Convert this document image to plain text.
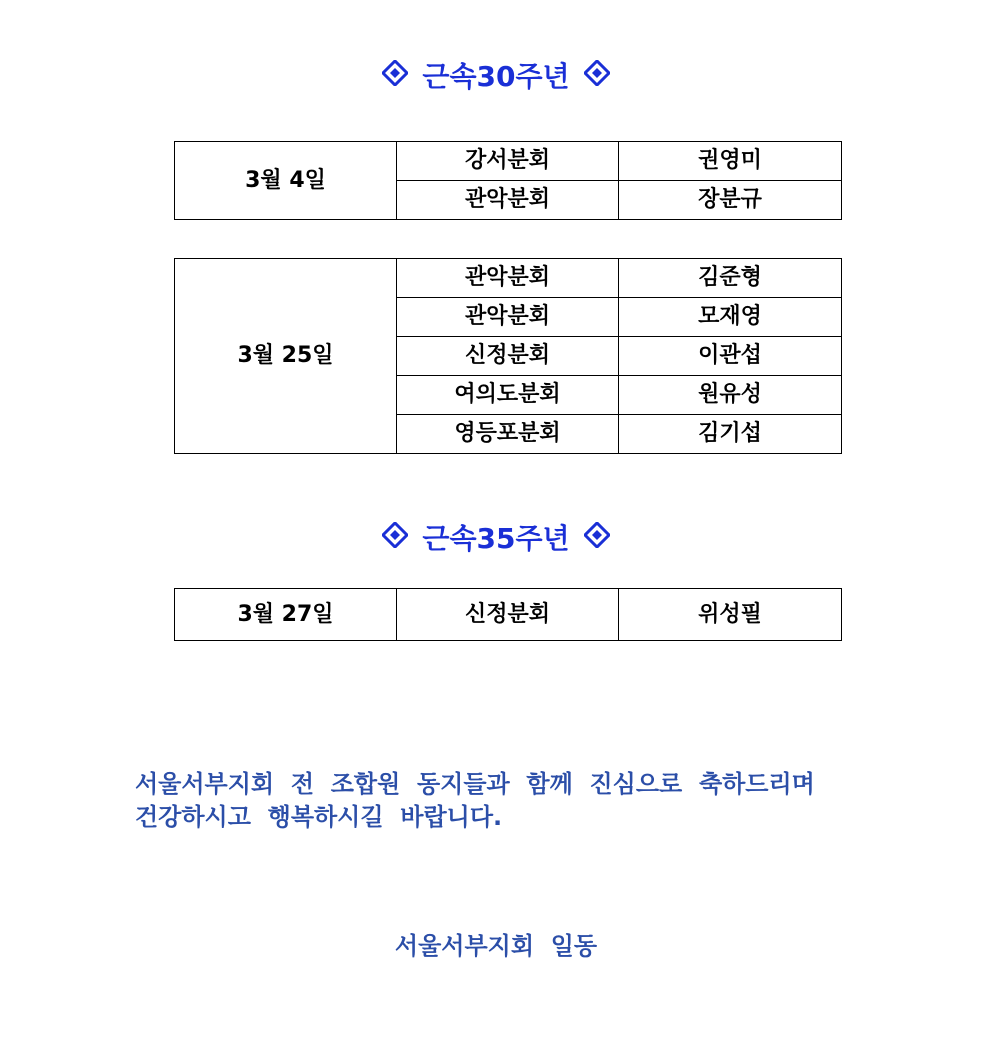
근속30주년
3월 4일	강서분회	권영미
	관악분회	장분규
3월 25일	관악분회	김준형
	관악분회	모재영
	신정분회	이관섭
	여의도분회	원유성
	영등포분회	김기섭
근속35주년
3월 27일	신정분회	위성필
서울서부지회  전  조합원  동지들과  함께  진심으로  축하드리며
건강하시고  행복하시길  바랍니다.
서울서부지회  일동
